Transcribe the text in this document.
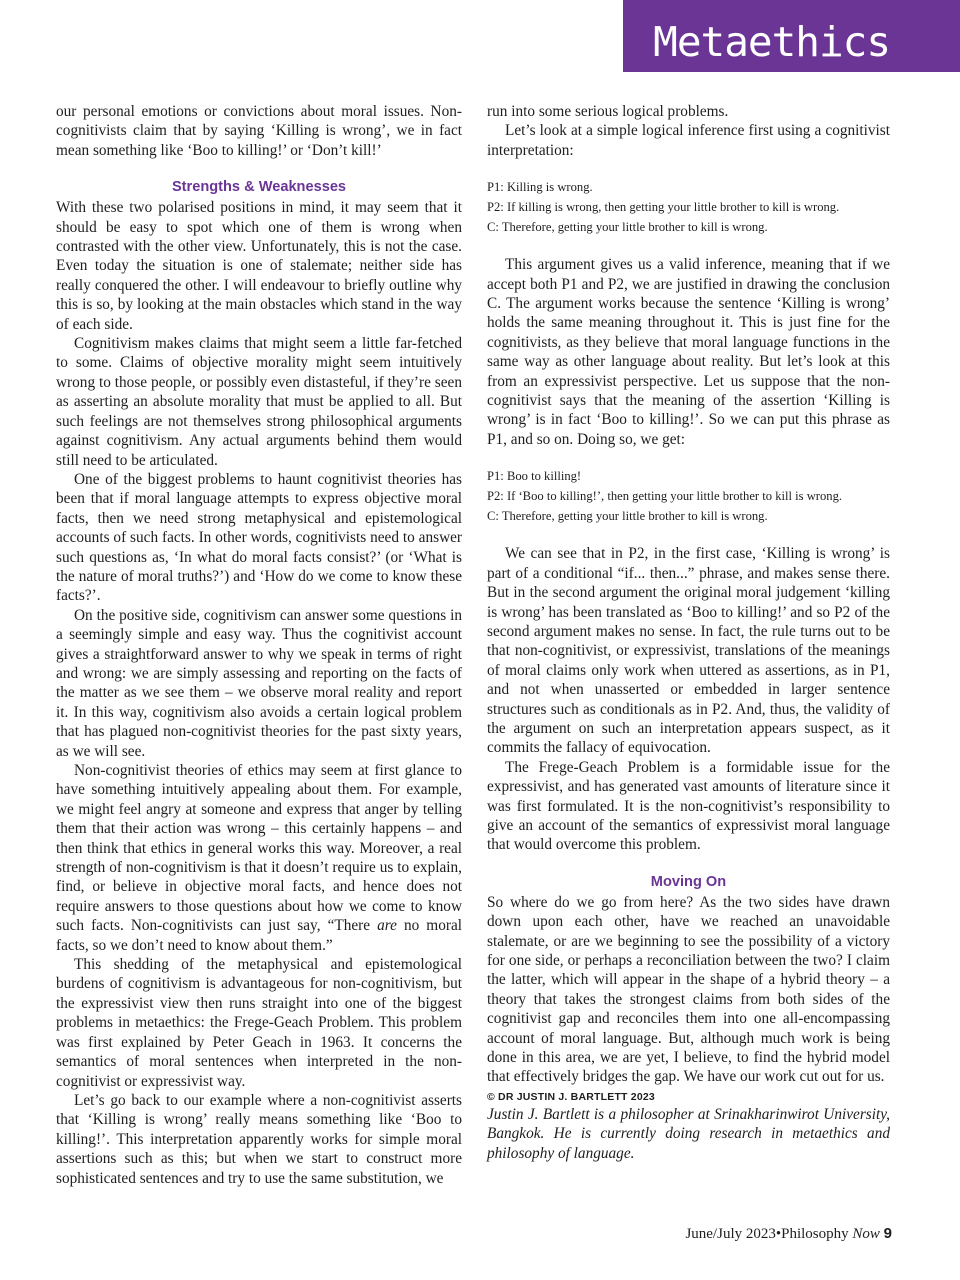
Metaethics

our personal emotions or convictions about moral issues. Non-cognitivists claim that by saying ‘Killing is wrong’, we in fact mean something like ‘Boo to killing!’ or ‘Don’t kill!’

Strengths & Weaknesses

With these two polarised positions in mind, it may seem that it should be easy to spot which one of them is wrong when contrasted with the other view. Unfortunately, this is not the case. Even today the situation is one of stalemate; neither side has really conquered the other. I will endeavour to briefly outline why this is so, by looking at the main obstacles which stand in the way of each side.

Cognitivism makes claims that might seem a little far-fetched to some. Claims of objective morality might seem intuitively wrong to those people, or possibly even distasteful, if they’re seen as asserting an absolute morality that must be applied to all. But such feelings are not themselves strong philosophical arguments against cognitivism. Any actual arguments behind them would still need to be articulated.

One of the biggest problems to haunt cognitivist theories has been that if moral language attempts to express objective moral facts, then we need strong metaphysical and epistemological accounts of such facts. In other words, cognitivists need to answer such questions as, ‘In what do moral facts consist?’ (or ‘What is the nature of moral truths?’) and ‘How do we come to know these facts?’.

On the positive side, cognitivism can answer some questions in a seemingly simple and easy way. Thus the cognitivist account gives a straightforward answer to why we speak in terms of right and wrong: we are simply assessing and reporting on the facts of the matter as we see them – we observe moral reality and report it. In this way, cognitivism also avoids a certain logical problem that has plagued non-cognitivist theories for the past sixty years, as we will see.

Non-cognitivist theories of ethics may seem at first glance to have something intuitively appealing about them. For example, we might feel angry at someone and express that anger by telling them that their action was wrong – this certainly happens – and then think that ethics in general works this way. Moreover, a real strength of non-cognitivism is that it doesn’t require us to explain, find, or believe in objective moral facts, and hence does not require answers to those questions about how we come to know such facts. Non-cognitivists can just say, “There are no moral facts, so we don’t need to know about them.”

This shedding of the metaphysical and epistemological burdens of cognitivism is advantageous for non-cognitivism, but the expressivist view then runs straight into one of the biggest problems in metaethics: the Frege-Geach Problem. This problem was first explained by Peter Geach in 1963. It concerns the semantics of moral sentences when interpreted in the non-cognitivist or expressivist way.

Let’s go back to our example where a non-cognitivist asserts that ‘Killing is wrong’ really means something like ‘Boo to killing!’. This interpretation apparently works for simple moral assertions such as this; but when we start to construct more sophisticated sentences and try to use the same substitution, we

run into some serious logical problems.

Let’s look at a simple logical inference first using a cognitivist interpretation:

P1: Killing is wrong.
P2: If killing is wrong, then getting your little brother to kill is wrong.
C: Therefore, getting your little brother to kill is wrong.

This argument gives us a valid inference, meaning that if we accept both P1 and P2, we are justified in drawing the conclusion C. The argument works because the sentence ‘Killing is wrong’ holds the same meaning throughout it. This is just fine for the cognitivists, as they believe that moral language functions in the same way as other language about reality. But let’s look at this from an expressivist perspective. Let us suppose that the non-cognitivist says that the meaning of the assertion ‘Killing is wrong’ is in fact ‘Boo to killing!’. So we can put this phrase as P1, and so on. Doing so, we get:

P1: Boo to killing!
P2: If ‘Boo to killing!’, then getting your little brother to kill is wrong.
C: Therefore, getting your little brother to kill is wrong.

We can see that in P2, in the first case, ‘Killing is wrong’ is part of a conditional “if... then...” phrase, and makes sense there. But in the second argument the original moral judgement ‘killing is wrong’ has been translated as ‘Boo to killing!’ and so P2 of the second argument makes no sense. In fact, the rule turns out to be that non-cognitivist, or expressivist, translations of the meanings of moral claims only work when uttered as assertions, as in P1, and not when unasserted or embedded in larger sentence structures such as conditionals as in P2. And, thus, the validity of the argument on such an interpretation appears suspect, as it commits the fallacy of equivocation.

The Frege-Geach Problem is a formidable issue for the expressivist, and has generated vast amounts of literature since it was first formulated. It is the non-cognitivist’s responsibility to give an account of the semantics of expressivist moral language that would overcome this problem.

Moving On

So where do we go from here? As the two sides have drawn down upon each other, have we reached an unavoidable stalemate, or are we beginning to see the possibility of a victory for one side, or perhaps a reconciliation between the two? I claim the latter, which will appear in the shape of a hybrid theory – a theory that takes the strongest claims from both sides of the cognitivist gap and reconciles them into one all-encompassing account of moral language. But, although much work is being done in this area, we are yet, I believe, to find the hybrid model that effectively bridges the gap. We have our work cut out for us.

© DR JUSTIN J. BARTLETT 2023

Justin J. Bartlett is a philosopher at Srinakharinwirot University, Bangkok. He is currently doing research in metaethics and philosophy of language.

June/July 2023•Philosophy Now 9
